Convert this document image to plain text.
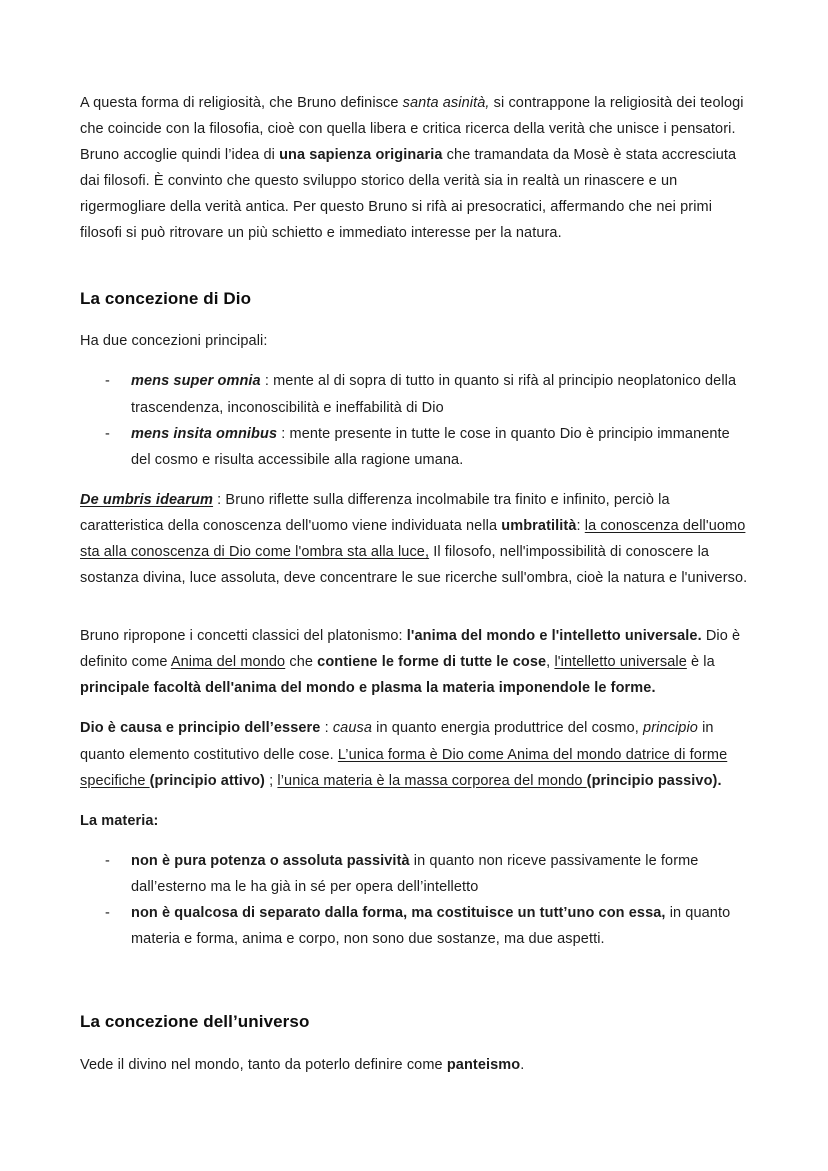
A questa forma di religiosità, che Bruno definisce santa asinità, si contrappone la religiosità dei teologi che coincide con la filosofia, cioè con quella libera e critica ricerca della verità che unisce i pensatori. Bruno accoglie quindi l’idea di una sapienza originaria che tramandata da Mosè è stata accresciuta dai filosofi. È convinto che questo sviluppo storico della verità sia in realtà un rinascere e un rigermogliare della verità antica. Per questo Bruno si rifà ai presocratici, affermando che nei primi filosofi si può ritrovare un più schietto e immediato interesse per la natura.

La concezione di Dio

Ha due concezioni principali:

-	mens super omnia : mente al di sopra di tutto in quanto si rifà al principio neoplatonico della trascendenza, inconoscibilità e ineffabilità di Dio
-	mens insita omnibus : mente presente in tutte le cose in quanto Dio è principio immanente del cosmo e risulta accessibile alla ragione umana.

De umbris idearum : Bruno riflette sulla differenza incolmabile tra finito e infinito, perciò la caratteristica della conoscenza dell'uomo viene individuata nella umbratilità: la conoscenza dell'uomo sta alla conoscenza di Dio come l'ombra sta alla luce, Il filosofo, nell'impossibilità di conoscere la sostanza divina, luce assoluta, deve concentrare le sue ricerche sull'ombra, cioè la natura e l'universo.

Bruno ripropone i concetti classici del platonismo: l'anima del mondo e l'intelletto universale. Dio è definito come Anima del mondo che contiene le forme di tutte le cose, l'intelletto universale è la principale facoltà dell'anima del mondo e plasma la materia imponendole le forme.

Dio è causa e principio dell’essere : causa in quanto energia produttrice del cosmo, principio in quanto elemento costitutivo delle cose. L’unica forma è Dio come Anima del mondo datrice di forme specifiche (principio attivo) ; l’unica materia è la massa corporea del mondo (principio passivo).

La materia:

-	non è pura potenza o assoluta passività in quanto non riceve passivamente le forme dall’esterno ma le ha già in sé per opera dell’intelletto
-	non è qualcosa di separato dalla forma, ma costituisce un tutt’uno con essa, in quanto materia e forma, anima e corpo, non sono due sostanze, ma due aspetti.
La concezione dell’universo

Vede il divino nel mondo, tanto da poterlo definire come panteismo.
